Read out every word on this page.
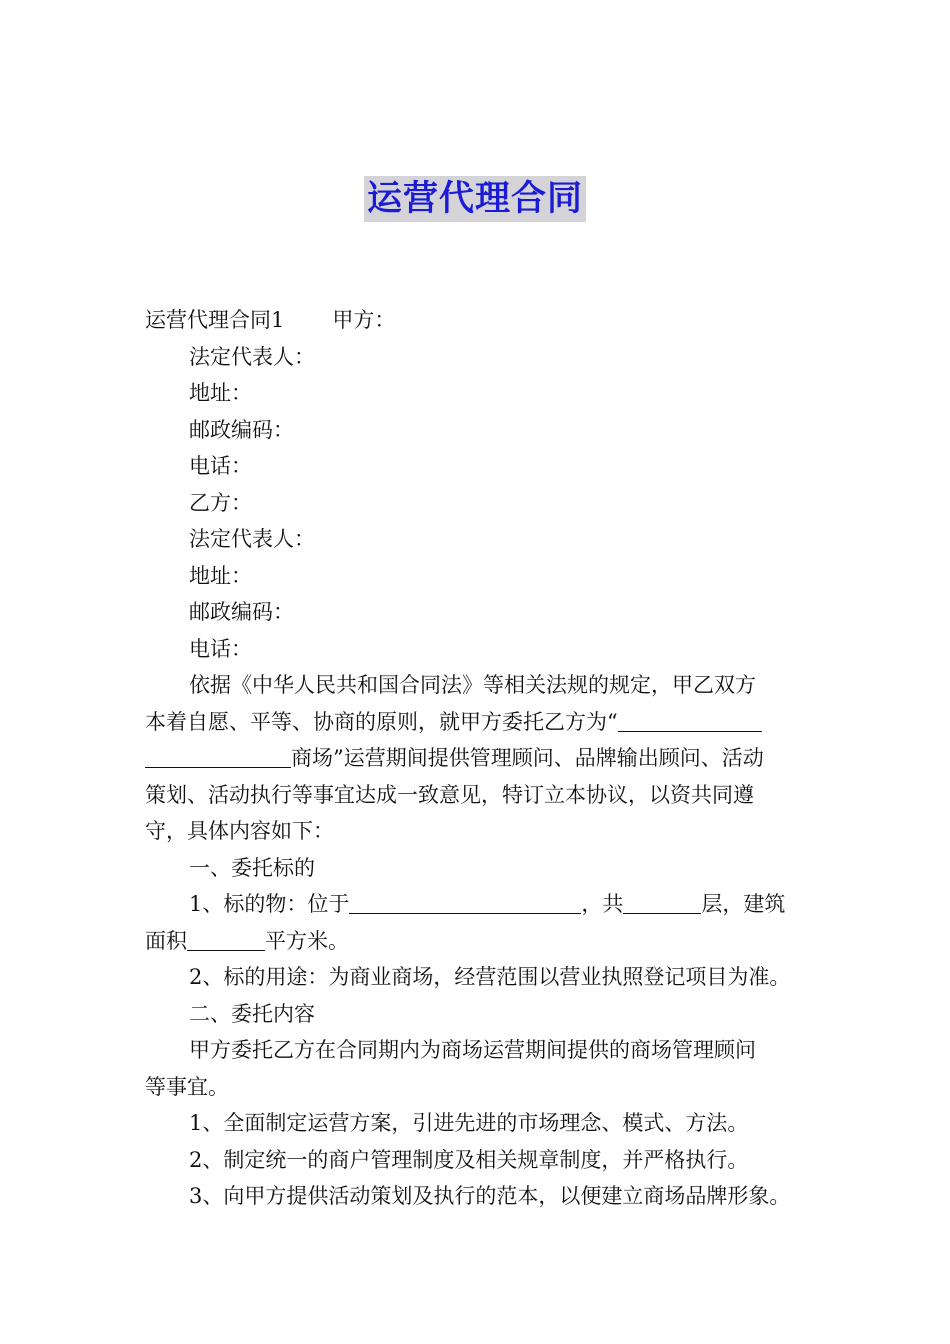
运营代理合同
运营代理合同1 甲方：
法定代表人：
地址：
邮政编码：
电话：
乙方：
法定代表人：
地址：
邮政编码：
电话：
依据《中华人民共和国合同法》等相关法规的规定，甲乙双方
本着自愿、平等、协商的原则，就甲方委托乙方为“
商场”运营期间提供管理顾问、品牌输出顾问、活动
策划、活动执行等事宜达成一致意见，特订立本协议，以资共同遵
守，具体内容如下：
一、委托标的
1、标的物：位于	，共	层，建筑
面积	平方米。
2、标的用途：为商业商场，经营范围以营业执照登记项目为准。
二、委托内容
甲方委托乙方在合同期内为商场运营期间提供的商场管理顾问
等事宜。
1、全面制定运营方案，引进先进的市场理念、模式、方法。
2、制定统一的商户管理制度及相关规章制度，并严格执行。
3、向甲方提供活动策划及执行的范本，以便建立商场品牌形象。
